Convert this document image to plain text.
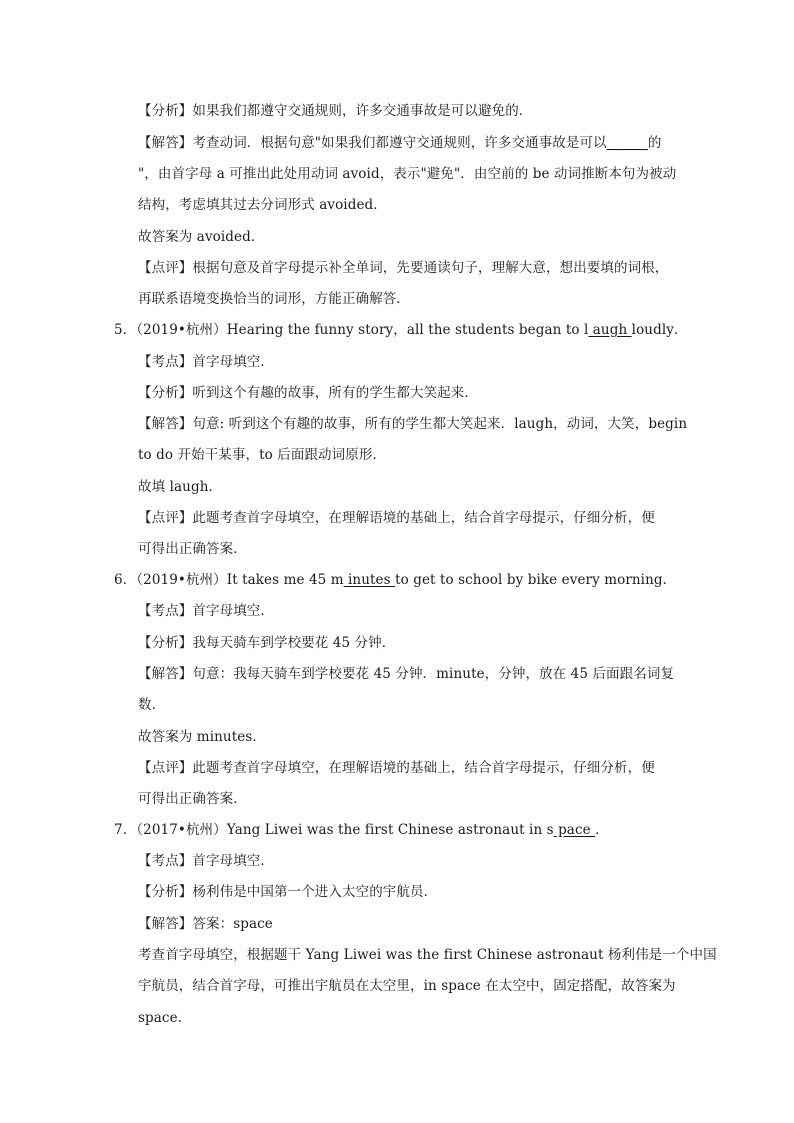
【分析】如果我们都遵守交通规则，许多交通事故是可以避免的．
【解答】考查动词．根据句意"如果我们都遵守交通规则，许多交通事故是可以______的
"，由首字母 a 可推出此处用动词 avoid，表示"避免"．由空前的 be 动词推断本句为被动
结构，考虑填其过去分词形式 avoided．
故答案为 avoided．
【点评】根据句意及首字母提示补全单词，先要通读句子，理解大意，想出要填的词根，
再联系语境变换恰当的词形，方能正确解答．
5．（2019•杭州）Hearing the funny story，all the students began to l augh loudly．
【考点】首字母填空．
【分析】听到这个有趣的故事，所有的学生都大笑起来．
【解答】句意: 听到这个有趣的故事，所有的学生都大笑起来．laugh，动词，大笑，begin
to do 开始干某事，to 后面跟动词原形．
故填 laugh．
【点评】此题考查首字母填空，在理解语境的基础上，结合首字母提示，仔细分析，便
可得出正确答案．
6．（2019•杭州）It takes me 45 m inutes to get to school by bike every morning．
【考点】首字母填空．
【分析】我每天骑车到学校要花 45 分钟．
【解答】句意：我每天骑车到学校要花 45 分钟．minute，分钟，放在 45 后面跟名词复
数．
故答案为 minutes．
【点评】此题考查首字母填空，在理解语境的基础上，结合首字母提示，仔细分析，便
可得出正确答案．
7．（2017•杭州）Yang Liwei was the first Chinese astronaut in s pace ．
【考点】首字母填空．
【分析】杨利伟是中国第一个进入太空的宇航员．
【解答】答案：space
考查首字母填空，根据题干 Yang Liwei was the first Chinese astronaut 杨利伟是一个中国
宇航员，结合首字母，可推出宇航员在太空里，in space 在太空中，固定搭配，故答案为
space.
